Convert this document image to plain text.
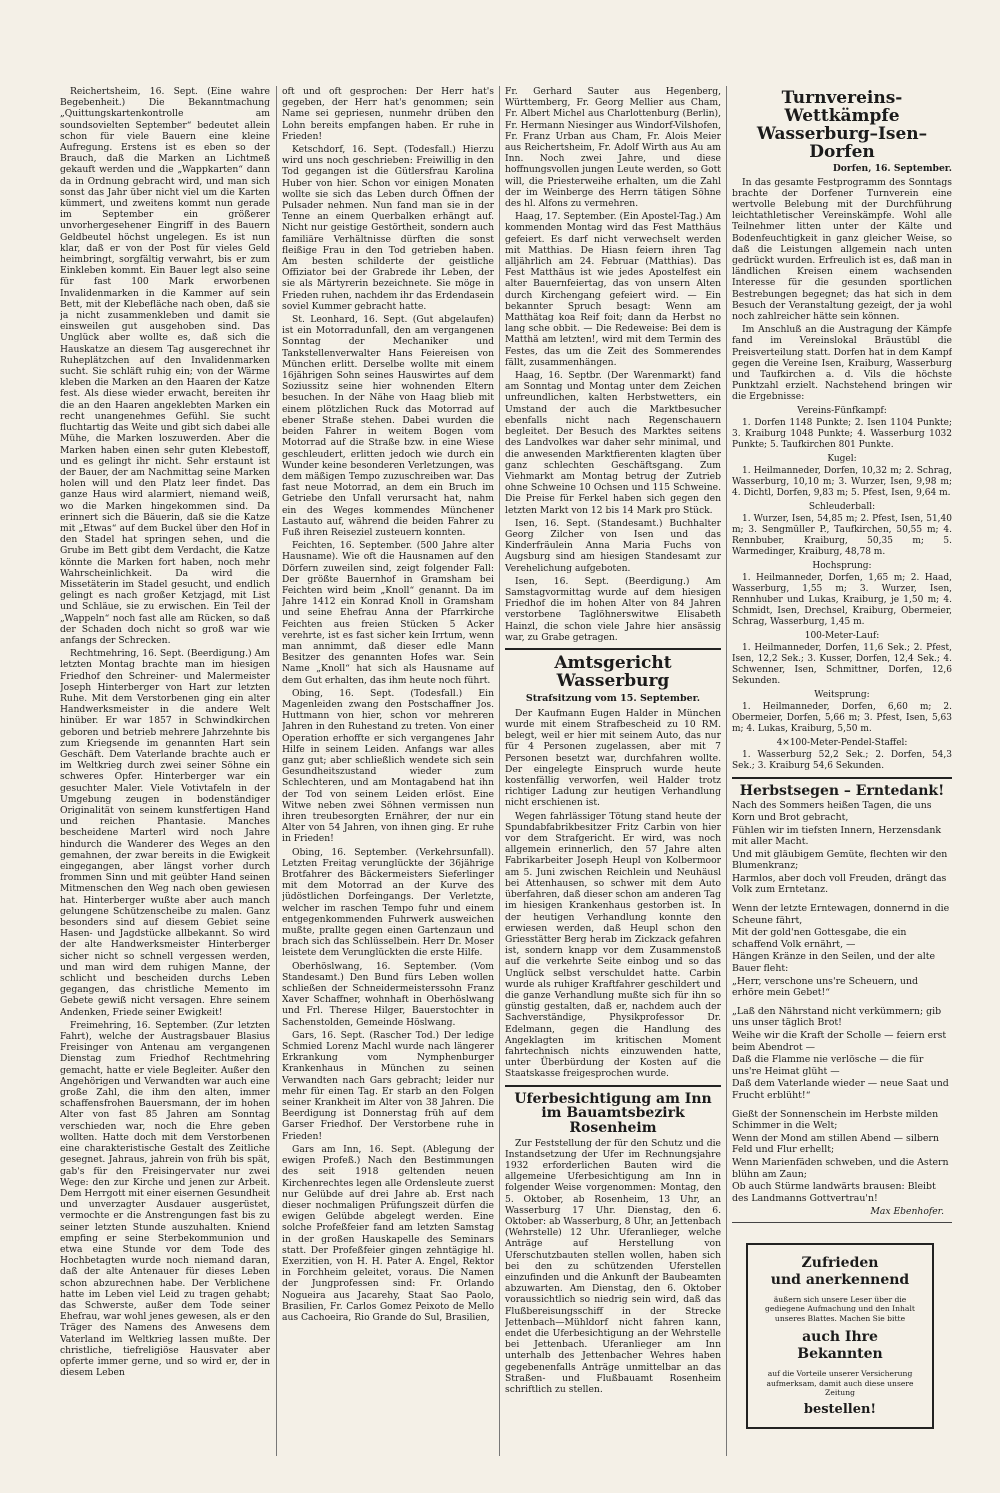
Reichertsheim, 16. Sept. (Eine wahre Begebenheit.) Die Bekanntmachung „Quittungskartenkontrolle am soundsovielten September“ bedeutet allein schon für viele Bauern eine kleine Aufregung. Erstens ist es eben so der Brauch, daß die Marken an Lichtmeß gekauft werden und die „Wappkarten“ dann da in Ordnung gebracht wird, und man sich sonst das Jahr über nicht viel um die Karten kümmert, und zweitens kommt nun gerade im September ein größerer unvorhergesehener Eingriff in des Bauern Geldbeutel höchst ungelegen. Es ist nun klar, daß er von der Post für vieles Geld heimbringt, sorgfältig verwahrt, bis er zum Einkleben kommt. Ein Bauer legt also seine für fast 100 Mark erworbenen Invalidenmarken in die Kammer auf sein Bett, mit der Klebefläche nach oben, daß sie ja nicht zusammenkleben und damit sie einsweilen gut ausgehoben sind. Das Unglück aber wollte es, daß sich die Hauskatze an diesem Tag ausgerechnet ihr Ruheplätzchen auf den Invalidenmarken sucht. Sie schläft ruhig ein; von der Wärme kleben die Marken an den Haaren der Katze fest. Als diese wieder erwacht, bereiten ihr die an den Haaren angeklebten Marken ein recht unangenehmes Gefühl. Sie sucht fluchtartig das Weite und gibt sich dabei alle Mühe, die Marken loszuwerden. Aber die Marken haben einen sehr guten Klebestoff, und es gelingt ihr nicht. Sehr erstaunt ist der Bauer, der am Nachmittag seine Marken holen will und den Platz leer findet. Das ganze Haus wird alarmiert, niemand weiß, wo die Marken hingekommen sind. Da erinnert sich die Bäuerin, daß sie die Katze mit „Etwas“ auf dem Buckel über den Hof in den Stadel hat springen sehen, und die Grube im Bett gibt dem Verdacht, die Katze könnte die Marken fort haben, noch mehr Wahrscheinlichkeit. Da wird die Missetäterin im Stadel gesucht, und endlich gelingt es nach großer Ketzjagd, mit List und Schläue, sie zu erwischen. Ein Teil der „Wappeln“ noch fast alle am Rücken, so daß der Schaden doch nicht so groß war wie anfangs der Schrecken.

Rechtmehring, 16. Sept. (Beerdigung.) Am letzten Montag brachte man im hiesigen Friedhof den Schreiner- und Malermeister Joseph Hinterberger von Hart zur letzten Ruhe. Mit dem Verstorbenen ging ein alter Handwerksmeister in die andere Welt hinüber. Er war 1857 in Schwindkirchen geboren und betrieb mehrere Jahrzehnte bis zum Kriegsende im genannten Hart sein Geschäft. Dem Vaterlande brachte auch er im Weltkrieg durch zwei seiner Söhne ein schweres Opfer. Hinterberger war ein gesuchter Maler. Viele Votivtafeln in der Umgebung zeugen in bodenständiger Originalität von seinem kunstfertigen Hand und reichen Phantasie. Manches bescheidene Marterl wird noch Jahre hindurch die Wanderer des Weges an den gemahnen, der zwar bereits in die Ewigkeit eingegangen, aber längst vorher durch frommen Sinn und mit geübter Hand seinen Mitmenschen den Weg nach oben gewiesen hat. Hinterberger wußte aber auch manch gelungene Schützenscheibe zu malen. Ganz besonders sind auf diesem Gebiet seine Hasen- und Jagdstücke allbekannt. So wird der alte Handwerksmeister Hinterberger sicher nicht so schnell vergessen werden, und man wird dem ruhigen Manne, der schlicht und bescheiden durchs Leben gegangen, das christliche Memento im Gebete gewiß nicht versagen. Ehre seinem Andenken, Friede seiner Ewigkeit!

Freimehring, 16. September. (Zur letzten Fahrt), welche der Austragsbauer Blasius Freisinger von Antenau am vergangenen Dienstag zum Friedhof Rechtmehring gemacht, hatte er viele Begleiter. Außer den Angehörigen und Verwandten war auch eine große Zahl, die ihm den alten, immer schaffensfrohen Bauersmann, der im hohen Alter von fast 85 Jahren am Sonntag verschieden war, noch die Ehre geben wollten. Hatte doch mit dem Verstorbenen eine charakteristische Gestalt des Zeitliche gesegnet. Jahraus, jahrein von früh bis spät, gab's für den Freisingervater nur zwei Wege: den zur Kirche und jenen zur Arbeit. Dem Herrgott mit einer eisernen Gesundheit und unverzagter Ausdauer ausgerüstet, vermochte er die Anstrengungen fast bis zu seiner letzten Stunde auszuhalten. Kniend empfing er seine Sterbekommunion und etwa eine Stunde vor dem Tode des Hochbetagten wurde noch niemand daran, daß der alte Antenauer für dieses Leben schon abzurechnen habe. Der Verblichene hatte im Leben viel Leid zu tragen gehabt; das Schwerste, außer dem Tode seiner Ehefrau, war wohl jenes gewesen, als er den Träger des Namens des Anwesens dem Vaterland im Weltkrieg lassen mußte. Der christliche, tiefreligiöse Hausvater aber opferte immer gerne, und so wird er, der in diesem Leben

oft und oft gesprochen: Der Herr hat's gegeben, der Herr hat's genommen; sein Name sei gepriesen, nunmehr drüben den Lohn bereits empfangen haben. Er ruhe in Frieden!

Ketschdorf, 16. Sept. (Todesfall.) Hierzu wird uns noch geschrieben: Freiwillig in den Tod gegangen ist die Gütlersfrau Karolina Huber von hier. Schon vor einigen Monaten wollte sie sich das Leben durch Öffnen der Pulsader nehmen. Nun fand man sie in der Tenne an einem Querbalken erhängt auf. Nicht nur geistige Gestörtheit, sondern auch familiäre Verhältnisse dürften die sonst fleißige Frau in den Tod getrieben haben. Am besten schilderte der geistliche Offiziator bei der Grabrede ihr Leben, der sie als Märtyrerin bezeichnete. Sie möge in Frieden ruhen, nachdem ihr das Erdendasein soviel Kummer gebracht hatte.

St. Leonhard, 16. Sept. (Gut abgelaufen) ist ein Motorradunfall, den am vergangenen Sonntag der Mechaniker und Tankstellenverwalter Hans Feiereisen von München erlitt. Derselbe wollte mit einem 16jährigen Sohn seines Hauswirtes auf dem Soziussitz seine hier wohnenden Eltern besuchen. In der Nähe von Haag blieb mit einem plötzlichen Ruck das Motorrad auf ebener Straße stehen. Dabei wurden die beiden Fahrer in weitem Bogen vom Motorrad auf die Straße bzw. in eine Wiese geschleudert, erlitten jedoch wie durch ein Wunder keine besonderen Verletzungen, was dem mäßigen Tempo zuzuschreiben war. Das fast neue Motorrad, an dem ein Bruch im Getriebe den Unfall verursacht hat, nahm ein des Weges kommendes Münchener Lastauto auf, während die beiden Fahrer zu Fuß ihren Reiseziel zusteuern konnten.

Feichten, 16. September. (500 Jahre alter Hausname). Wie oft die Hausnamen auf den Dörfern zuweilen sind, zeigt folgender Fall: Der größte Bauernhof in Gramsham bei Feichten wird beim „Knoll“ genannt. Da im Jahre 1412 ein Konrad Knoll in Gramsham und seine Ehefrau Anna der Pfarrkirche Feichten aus freien Stücken 5 Acker verehrte, ist es fast sicher kein Irrtum, wenn man annimmt, daß dieser edle Mann Besitzer des genannten Hofes war. Sein Name „Knoll“ hat sich als Hausname auf dem Gut erhalten, das ihm heute noch führt.

Obing, 16. Sept. (Todesfall.) Ein Magenleiden zwang den Postschaffner Jos. Huttmann von hier, schon vor mehreren Jahren in den Ruhestand zu treten. Von einer Operation erhoffte er sich vergangenes Jahr Hilfe in seinem Leiden. Anfangs war alles ganz gut; aber schließlich wendete sich sein Gesundheitszustand wieder zum Schlechteren, und am Montagabend hat ihn der Tod von seinem Leiden erlöst. Eine Witwe neben zwei Söhnen vermissen nun ihren treubesorgten Ernährer, der nur ein Alter von 54 Jahren, von ihnen ging. Er ruhe in Frieden!

Obing, 16. September. (Verkehrsunfall). Letzten Freitag verunglückte der 36jährige Brotfahrer des Bäckermeisters Sieferlinger mit dem Motorrad an der Kurve des jüdöstlichen Dorfeingangs. Der Verletzte, welcher im raschen Tempo fuhr und einem entgegenkommenden Fuhrwerk ausweichen mußte, prallte gegen einen Gartenzaun und brach sich das Schlüsselbein. Herr Dr. Moser leistete dem Verunglückten die erste Hilfe.

Oberhöslwang, 16. September. (Vom Standesamt.) Den Bund fürs Leben wollen schließen der Schneidermeisterssohn Franz Xaver Schaffner, wohnhaft in Oberhöslwang und Frl. Therese Hilger, Bauerstochter in Sachenstolden, Gemeinde Höslwang.

Gars, 16. Sept. (Rascher Tod.) Der ledige Schmied Lorenz Machl wurde nach längerer Erkrankung vom Nymphenburger Krankenhaus in München zu seinen Verwandten nach Gars gebracht; leider nur mehr für einen Tag. Er starb an den Folgen seiner Krankheit im Alter von 38 Jahren. Die Beerdigung ist Donnerstag früh auf dem Garser Friedhof. Der Verstorbene ruhe in Frieden!

Gars am Inn, 16. Sept. (Ablegung der ewigen Profeß.) Nach den Bestimmungen des seit 1918 geltenden neuen Kirchenrechtes legen alle Ordensleute zuerst nur Gelübde auf drei Jahre ab. Erst nach dieser nochmaligen Prüfungszeit dürfen die ewigen Gelübde abgelegt werden. Eine solche Profeßfeier fand am letzten Samstag in der großen Hauskapelle des Seminars statt. Der Profeßfeier gingen zehntägige hl. Exerzitien, von H. H. Pater A. Engel, Rektor in Forchheim geleitet, voraus. Die Namen der Jungprofessen sind: Fr. Orlando Nogueira aus Jacarehy, Staat Sao Paolo, Brasilien, Fr. Carlos Gomez Peixoto de Mello aus Cachoeira, Rio Grande do Sul, Brasilien,

Fr. Gerhard Sauter aus Hegenberg, Württemberg, Fr. Georg Mellier aus Cham, Fr. Albert Michel aus Charlottenburg (Berlin), Fr. Hermann Niesinger aus Windorf-Vilshofen, Fr. Franz Urban aus Cham, Fr. Alois Meier aus Reichertsheim, Fr. Adolf Wirth aus Au am Inn. Noch zwei Jahre, und diese hoffnungsvollen jungen Leute werden, so Gott will, die Priesterweihe erhalten, um die Zahl der im Weinberge des Herrn tätigen Söhne des hl. Alfons zu vermehren.

Haag, 17. September. (Ein Apostel-Tag.) Am kommenden Montag wird das Fest Matthäus gefeiert. Es darf nicht verwechselt werden mit Matthias. De Hiasn feiern ihren Tag alljährlich am 24. Februar (Matthias). Das Fest Matthäus ist wie jedes Apostelfest ein alter Bauernfeiertag, das von unsern Alten durch Kirchengang gefeiert wird. — Ein bekannter Spruch besagt: Wenn am Matthätag koa Reif foit; dann da Herbst no lang sche obbit. — Die Redeweise: Bei dem is Matthä am letzten!, wird mit dem Termin des Festes, das um die Zeit des Sommerendes fällt, zusammenhängen.

Haag, 16. Septbr. (Der Warenmarkt) fand am Sonntag und Montag unter dem Zeichen unfreundlichen, kalten Herbstwetters, ein Umstand der auch die Marktbesucher ebenfalls nicht nach Regenschauern begleitet. Der Besuch des Marktes seitens des Landvolkes war daher sehr minimal, und die anwesenden Marktfierenten klagten über ganz schlechten Geschäftsgang. Zum Viehmarkt am Montag betrug der Zutrieb ohne Schweine 10 Ochsen und 115 Schweine. Die Preise für Ferkel haben sich gegen den letzten Markt von 12 bis 14 Mark pro Stück.

Isen, 16. Sept. (Standesamt.) Buchhalter Georg Zilcher von Isen und das Kinderfräulein Anna Maria Fuchs von Augsburg sind am hiesigen Standesamt zur Verehelichung aufgeboten.

Isen, 16. Sept. (Beerdigung.) Am Samstagvormittag wurde auf dem hiesigen Friedhof die im hohen Alter von 84 Jahren verstorbene Taglöhnerswitwe Elisabeth Hainzl, die schon viele Jahre hier ansässig war, zu Grabe getragen.

Amtsgericht Wasserburg
Strafsitzung vom 15. September.

Der Kaufmann Eugen Halder in München wurde mit einem Strafbescheid zu 10 RM. belegt, weil er hier mit seinem Auto, das nur für 4 Personen zugelassen, aber mit 7 Personen besetzt war, durchfahren wollte. Der eingelegte Einspruch wurde heute kostenfällig verworfen, weil Halder trotz richtiger Ladung zur heutigen Verhandlung nicht erschienen ist.

Wegen fahrlässiger Tötung stand heute der Spundabfabrikbesitzer Fritz Carbin von hier vor dem Strafgericht. Er wird, was noch allgemein erinnerlich, den 57 Jahre alten Fabrikarbeiter Joseph Heupl von Kolbermoor am 5. Juni zwischen Reichlein und Neuhäusl bei Attenhausen, so schwer mit dem Auto überfahren, daß dieser schon am anderen Tag im hiesigen Krankenhaus gestorben ist. In der heutigen Verhandlung konnte den erwiesen werden, daß Heupl schon den Griesstätter Berg herab im Zickzack gefahren ist, sondern knapp vor dem Zusammenstoß auf die verkehrte Seite einbog und so das Unglück selbst verschuldet hatte. Carbin wurde als ruhiger Kraftfahrer geschildert und die ganze Verhandlung mußte sich für ihn so günstig gestalten, daß er, nachdem auch der Sachverständige, Physikprofessor Dr. Edelmann, gegen die Handlung des Angeklagten im kritischen Moment fahrtechnisch nichts einzuwenden hatte, unter Überbürdung der Kosten auf die Staatskasse freigesprochen wurde.

Uferbesichtigung am Inn im Bauamtsbezirk Rosenheim

Zur Feststellung der für den Schutz und die Instandsetzung der Ufer im Rechnungsjahre 1932 erforderlichen Bauten wird die allgemeine Uferbesichtigung am Inn in folgender Weise vorgenommen: Montag, den 5. Oktober, ab Rosenheim, 13 Uhr, an Wasserburg 17 Uhr. Dienstag, den 6. Oktober: ab Wasserburg, 8 Uhr, an Jettenbach (Wehrstelle) 12 Uhr. Uferanlieger, welche Anträge auf Herstellung von Uferschutzbauten stellen wollen, haben sich bei den zu schützenden Uferstellen einzufinden und die Ankunft der Baubeamten abzuwarten. Am Dienstag, den 6. Oktober voraussichtlich so niedrig sein wird, daß das Flußbereisungsschiff in der Strecke Jettenbach—Mühldorf nicht fahren kann, endet die Uferbesichtigung an der Wehrstelle bei Jettenbach. Uferanlieger am Inn unterhalb des Jettenbacher Wehres haben gegebenenfalls Anträge unmittelbar an das Straßen- und Flußbauamt Rosenheim schriftlich zu stellen.

Turnvereins-Wettkämpfe Wasserburg–Isen–Dorfen
Dorfen, 16. September.

In das gesamte Festprogramm des Sonntags brachte der Dorfener Turnverein eine wertvolle Belebung mit der Durchführung leichtathletischer Vereinskämpfe. Wohl alle Teilnehmer litten unter der Kälte und Bodenfeuchtigkeit in ganz gleicher Weise, so daß die Leistungen allgemein nach unten gedrückt wurden. Erfreulich ist es, daß man in ländlichen Kreisen einem wachsenden Interesse für die gesunden sportlichen Bestrebungen begegnet; das hat sich in dem Besuch der Veranstaltung gezeigt, der ja wohl noch zahlreicher hätte sein können.

Im Anschluß an die Austragung der Kämpfe fand im Vereinslokal Bräustübl die Preisverteilung statt. Dorfen hat in dem Kampf gegen die Vereine Isen, Kraiburg, Wasserburg und Taufkirchen a. d. Vils die höchste Punktzahl erzielt. Nachstehend bringen wir die Ergebnisse:

Vereins-Fünfkampf:

1. Dorfen 1148 Punkte; 2. Isen 1104 Punkte; 3. Kraiburg 1048 Punkte; 4. Wasserburg 1032 Punkte; 5. Taufkirchen 801 Punkte.

Kugel:

1. Heilmanneder, Dorfen, 10,32 m; 2. Schrag, Wasserburg, 10,10 m; 3. Wurzer, Isen, 9,98 m; 4. Dichtl, Dorfen, 9,83 m; 5. Pfest, Isen, 9,64 m.

Schleuderball:

1. Wurzer, Isen, 54,85 m; 2. Pfest, Isen, 51,40 m; 3. Sengmüller P., Taufkirchen, 50,55 m; 4. Rennbuber, Kraiburg, 50,35 m; 5. Warmedinger, Kraiburg, 48,78 m.

Hochsprung:

1. Heilmanneder, Dorfen, 1,65 m; 2. Haad, Wasserburg, 1,55 m; 3. Wurzer, Isen, Rennhuber und Lukas, Kraiburg, je 1,50 m; 4. Schmidt, Isen, Drechsel, Kraiburg, Obermeier, Schrag, Wasserburg, 1,45 m.

100-Meter-Lauf:

1. Heilmanneder, Dorfen, 11,6 Sek.; 2. Pfest, Isen, 12,2 Sek.; 3. Kusser, Dorfen, 12,4 Sek.; 4. Schwenner, Isen, Schmittner, Dorfen, 12,6 Sekunden.

Weitsprung:

1. Heilmanneder, Dorfen, 6,60 m; 2. Obermeier, Dorfen, 5,66 m; 3. Pfest, Isen, 5,63 m; 4. Lukas, Kraiburg, 5,50 m.

4×100-Meter-Pendel-Staffel:

1. Wasserburg 52,2 Sek.; 2. Dorfen, 54,3 Sek.; 3. Kraiburg 54,6 Sekunden.

Herbstsegen – Erntedank!
Nach des Sommers heißen Tagen, die uns Korn und Brot gebracht,
Fühlen wir im tiefsten Innern, Herzensdank mit aller Macht.
Und mit gläubigem Gemüte, flechten wir den Blumenkranz;
Harmlos, aber doch voll Freuden, drängt das Volk zum Erntetanz.
Wenn der letzte Erntewagen, donnernd in die Scheune fährt,
Mit der gold'nen Gottesgabe, die ein schaffend Volk ernährt, —
Hängen Kränze in den Seilen, und der alte Bauer fleht:
„Herr, verschone uns're Scheuern, und erhöre mein Gebet!“
„Laß den Nährstand nicht verkümmern; gib uns unser täglich Brot!
Weihe wir die Kraft der Scholle — feiern erst beim Abendrot —
Daß die Flamme nie verlösche — die für uns're Heimat glüht —
Daß dem Vaterlande wieder — neue Saat und Frucht erblüht!“
Gießt der Sonnenschein im Herbste milden Schimmer in die Welt;
Wenn der Mond am stillen Abend — silbern Feld und Flur erhellt;
Wenn Marienfäden schweben, und die Astern blühn am Zaun;
Ob auch Stürme landwärts brausen: Bleibt des Landmanns Gottvertrau'n!
Max Ebenhofer.
Zufrieden
und anerkennend
äußern sich unsere Leser über die gediegene Aufmachung und den Inhalt unseres Blattes. Machen Sie bitte
auch Ihre Bekannten
auf die Vorteile unserer Versicherung aufmerksam, damit auch diese unsere Zeitung
bestellen!
